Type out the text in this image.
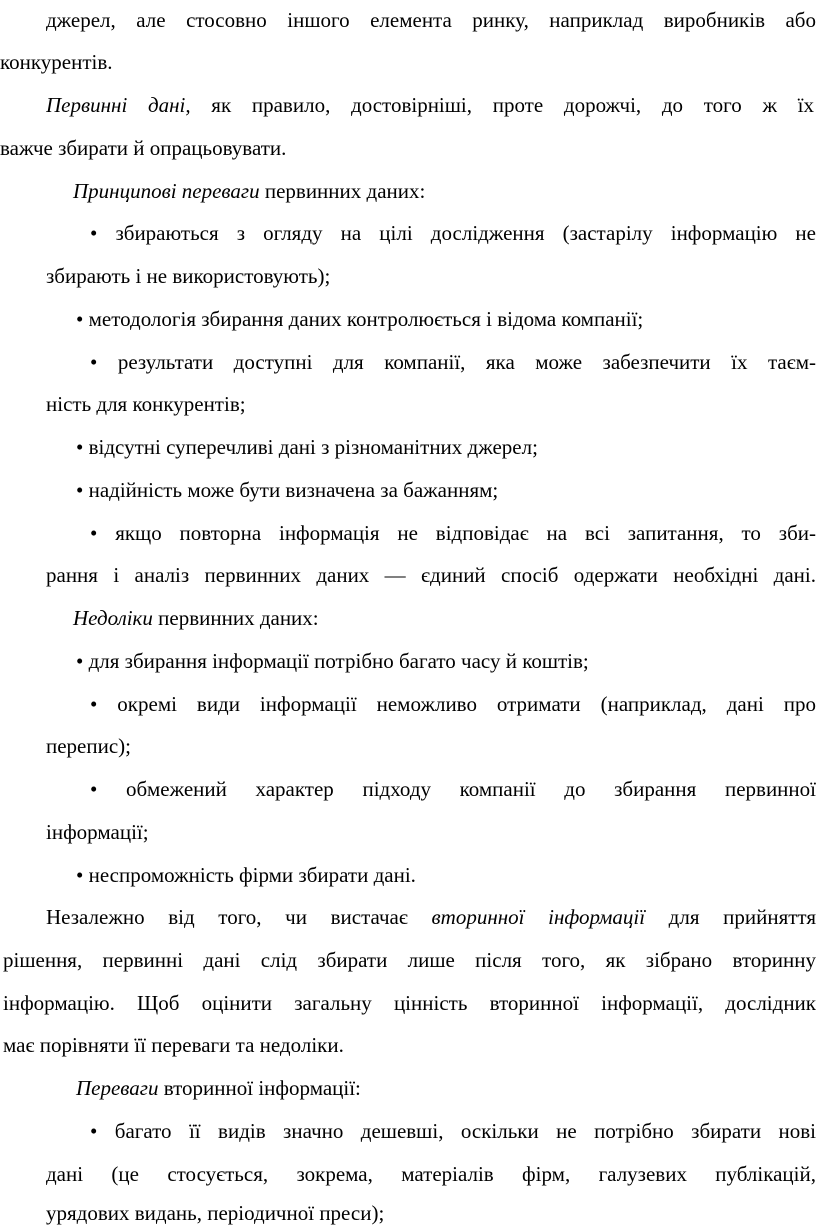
джерел, але стосовно іншого елемента ринку, наприклад виробників або
конкурентів.
Первинні дані, як правило, достовірніші, проте дорожчі, до того ж їх
важче збирати й опрацьовувати.
Принципові переваги первинних даних:
• збираються з огляду на цілі дослідження (застарілу інформацію не
збирають і не використовують);
• методологія збирання даних контролюється і відома компанії;
• результати доступні для компанії, яка може забезпечити їх таєм-
ність для конкурентів;
• відсутні суперечливі дані з різноманітних джерел;
• надійність може бути визначена за бажанням;
• якщо повторна інформація не відповідає на всі запитання, то зби-
рання і аналіз первинних даних — єдиний спосіб одержати необхідні дані.
Недоліки первинних даних:
• для збирання інформації потрібно багато часу й коштів;
• окремі види інформації неможливо отримати (наприклад, дані про
перепис);
• обмежений характер підходу компанії до збирання первинної
інформації;
• неспроможність фірми збирати дані.
Незалежно від того, чи вистачає вторинної інформації для прийняття
рішення, первинні дані слід збирати лише після того, як зібрано вторинну
інформацію. Щоб оцінити загальну цінність вторинної інформації, дослідник
має порівняти її переваги та недоліки.
Переваги вторинної інформації:
• багато її видів значно дешевші, оскільки не потрібно збирати нові
дані (це стосується, зокрема, матеріалів фірм, галузевих публікацій,
урядових видань, періодичної преси);
